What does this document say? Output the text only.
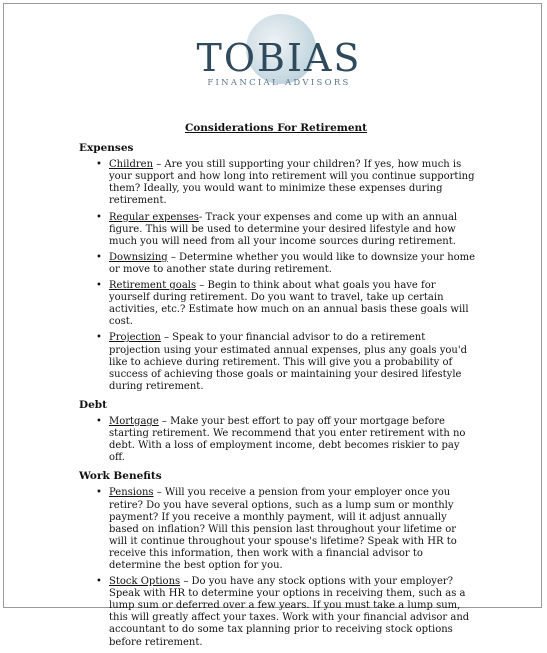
TOBIAS
FINANCIAL ADVISORS
Considerations For Retirement
Expenses
• Children – Are you still supporting your children? If yes, how much is your support and how long into retirement will you continue supporting them? Ideally, you would want to minimize these expenses during retirement.
• Regular expenses- Track your expenses and come up with an annual figure. This will be used to determine your desired lifestyle and how much you will need from all your income sources during retirement.
• Downsizing – Determine whether you would like to downsize your home or move to another state during retirement.
• Retirement goals – Begin to think about what goals you have for yourself during retirement. Do you want to travel, take up certain activities, etc.? Estimate how much on an annual basis these goals will cost.
• Projection – Speak to your financial advisor to do a retirement projection using your estimated annual expenses, plus any goals you'd like to achieve during retirement. This will give you a probability of success of achieving those goals or maintaining your desired lifestyle during retirement.
Debt
• Mortgage – Make your best effort to pay off your mortgage before starting retirement. We recommend that you enter retirement with no debt. With a loss of employment income, debt becomes riskier to pay off.
Work Benefits
• Pensions – Will you receive a pension from your employer once you retire? Do you have several options, such as a lump sum or monthly payment? If you receive a monthly payment, will it adjust annually based on inflation? Will this pension last throughout your lifetime or will it continue throughout your spouse's lifetime? Speak with HR to receive this information, then work with a financial advisor to determine the best option for you.
• Stock Options – Do you have any stock options with your employer? Speak with HR to determine your options in receiving them, such as a lump sum or deferred over a few years. If you must take a lump sum, this will greatly affect your taxes. Work with your financial advisor and accountant to do some tax planning prior to receiving stock options before retirement.
